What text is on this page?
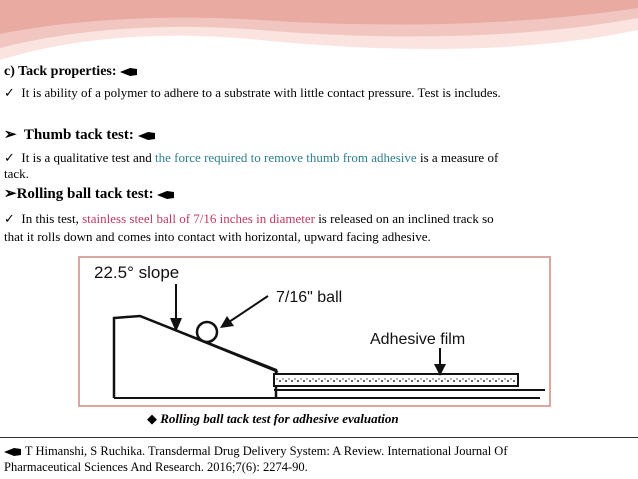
c) Tack properties:
✓ It is ability of a polymer to adhere to a substrate with little contact pressure. Test is includes.
➢ Thumb tack test:
✓ It is a qualitative test and the force required to remove thumb from adhesive is a measure of
tack.
➢Rolling ball tack test:
✓ In this test, stainless steel ball of 7/16 inches in diameter is released on an inclined track so
that it rolls down and comes into contact with horizontal, upward facing adhesive.
22.5° slope
7/16" ball
Adhesive film
◆ Rolling ball tack test for adhesive evaluation
T Himanshi, S Ruchika. Transdermal Drug Delivery System: A Review. International Journal Of
Pharmaceutical Sciences And Research. 2016;7(6): 2274-90.
